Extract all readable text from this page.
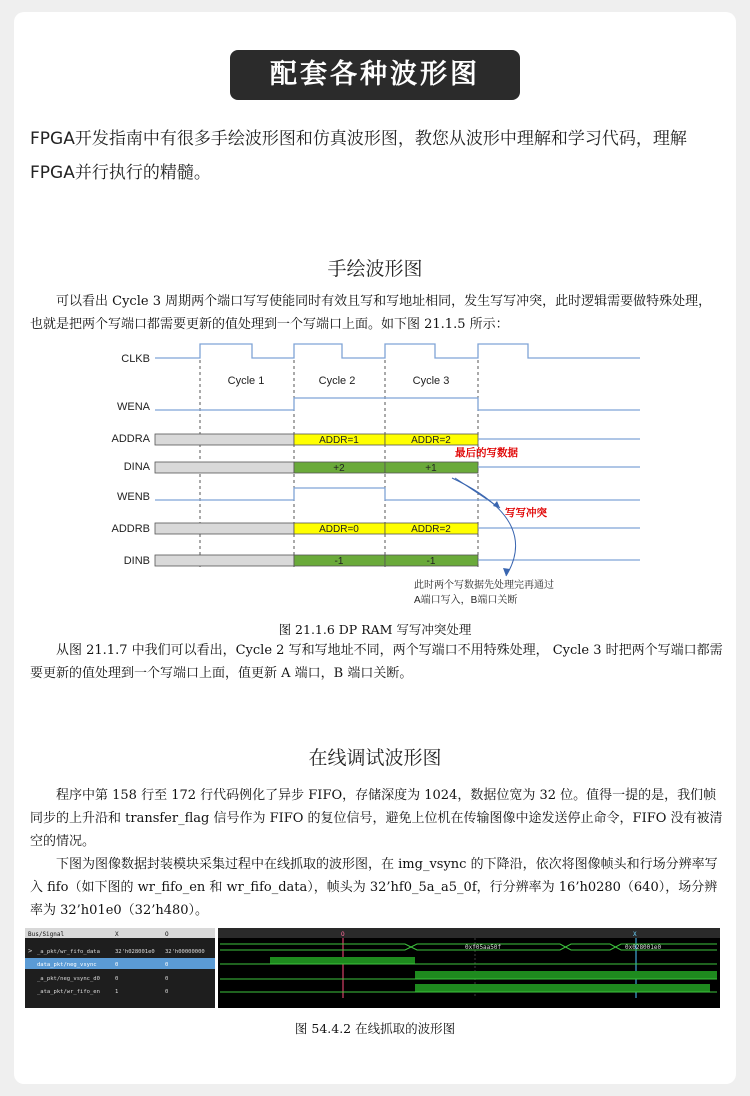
配套各种波形图
FPGA开发指南中有很多手绘波形图和仿真波形图，教您从波形中理解和学习代码，理解FPGA并行执行的精髓。
手绘波形图
可以看出 Cycle 3 周期两个端口写写使能同时有效且写和写地址相同，发生写写冲突，此时逻辑需要做特殊处理，也就是把两个写端口都需要更新的值处理到一个写端口上面。如下图 21.1.5 所示：
CLKB
WENA
ADDRA
DINA
WENB
ADDRB
DINB
Cycle 1	Cycle 2	Cycle 3
ADDR=1	ADDR=2
+2	+1
最后的写数据
写写冲突
ADDR=0	ADDR=2
-1	-1
此时两个写数据先处理完再通过
A端口写入，B端口关断
图 21.1.6 DP RAM 写写冲突处理
从图 21.1.7 中我们可以看出，Cycle 2 写和写地址不同，两个写端口不用特殊处理， Cycle 3 时把两个写端口都需要更新的值处理到一个写端口上面，值更新 A 端口，B 端口关断。
在线调试波形图
程序中第 158 行至 172 行代码例化了异步 FIFO，存储深度为 1024，数据位宽为 32 位。值得一提的是，我们帧同步的上升沿和 transfer_flag 信号作为 FIFO 的复位信号，避免上位机在传输图像中途发送停止命令，FIFO 没有被清空的情况。
下图为图像数据封装模块采集过程中在线抓取的波形图，在 img_vsync 的下降沿，依次将图像帧头和行场分辨率写入 fifo（如下图的 wr_fifo_en 和 wr_fifo_data），帧头为 32’hf0_5a_a5_0f，行分辨率为 16’h0280（640），场分辨率为 32’h01e0（32’h480）。
Bus/Signal	X	O
> _a_pkt/wr_fifo_data	32'h028001e0 32'h00000000
data_pkt/neg_vsync	0	0
_a_pkt/neg_vsync_d0	0	0
_ata_pkt/wr_fifo_en	1	0
O	X
0xf05aa50f	0x028001e0
图 54.4.2 在线抓取的波形图
